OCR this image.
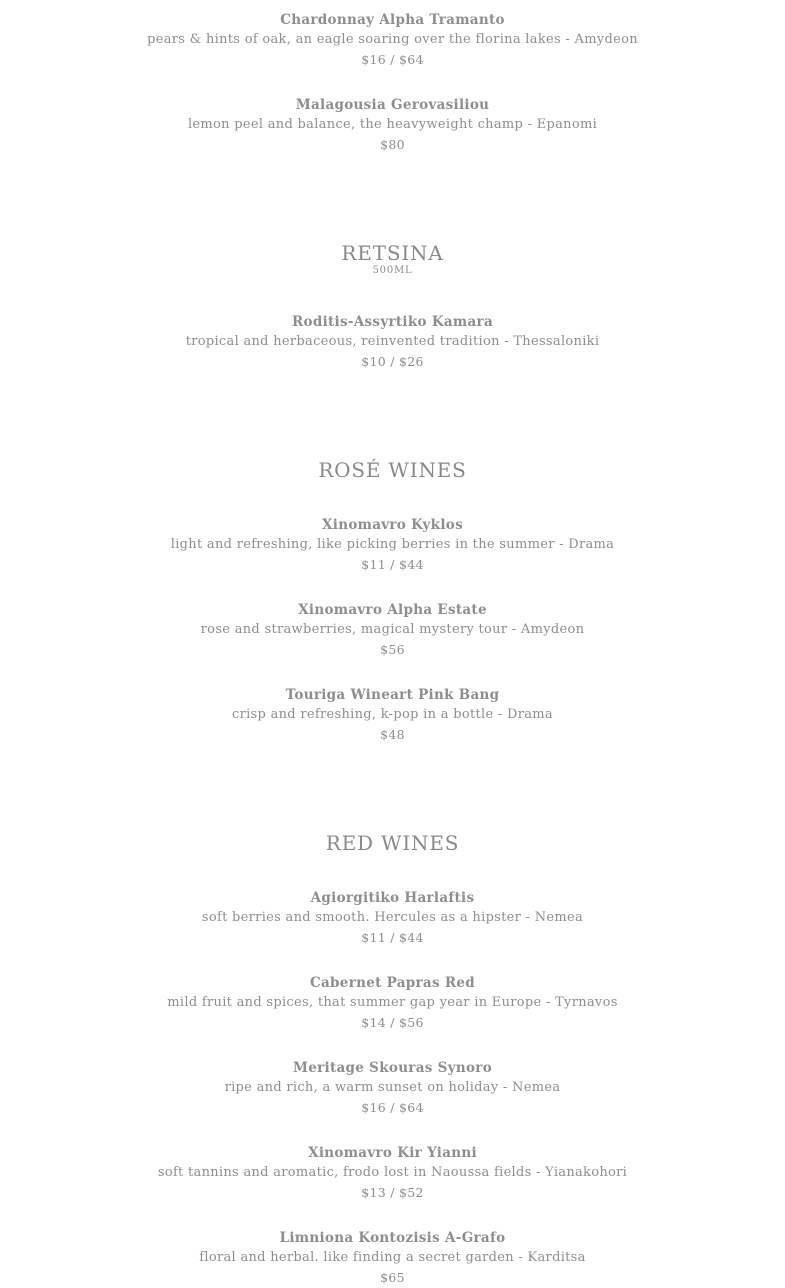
Chardonnay Alpha Tramanto
pears & hints of oak, an eagle soaring over the florina lakes - Amydeon
$16 / $64
Malagousia Gerovasiliou
lemon peel and balance, the heavyweight champ - Epanomi
$80
RETSINA
500ML
Roditis-Assyrtiko Kamara
tropical and herbaceous, reinvented tradition - Thessaloniki
$10 / $26
ROSÉ WINES
Xinomavro Kyklos
light and refreshing, like picking berries in the summer - Drama
$11 / $44
Xinomavro Alpha Estate
rose and strawberries, magical mystery tour - Amydeon
$56
Touriga Wineart Pink Bang
crisp and refreshing, k-pop in a bottle - Drama
$48
RED WINES
Agiorgitiko Harlaftis
soft berries and smooth. Hercules as a hipster - Nemea
$11 / $44
Cabernet Papras Red
mild fruit and spices, that summer gap year in Europe - Tyrnavos
$14 / $56
Meritage Skouras Synoro
ripe and rich, a warm sunset on holiday - Nemea
$16 / $64
Xinomavro Kir Yianni
soft tannins and aromatic, frodo lost in Naoussa fields - Yianakohori
$13 / $52
Limniona Kontozisis A-Grafo
floral and herbal. like finding a secret garden - Karditsa
$65
